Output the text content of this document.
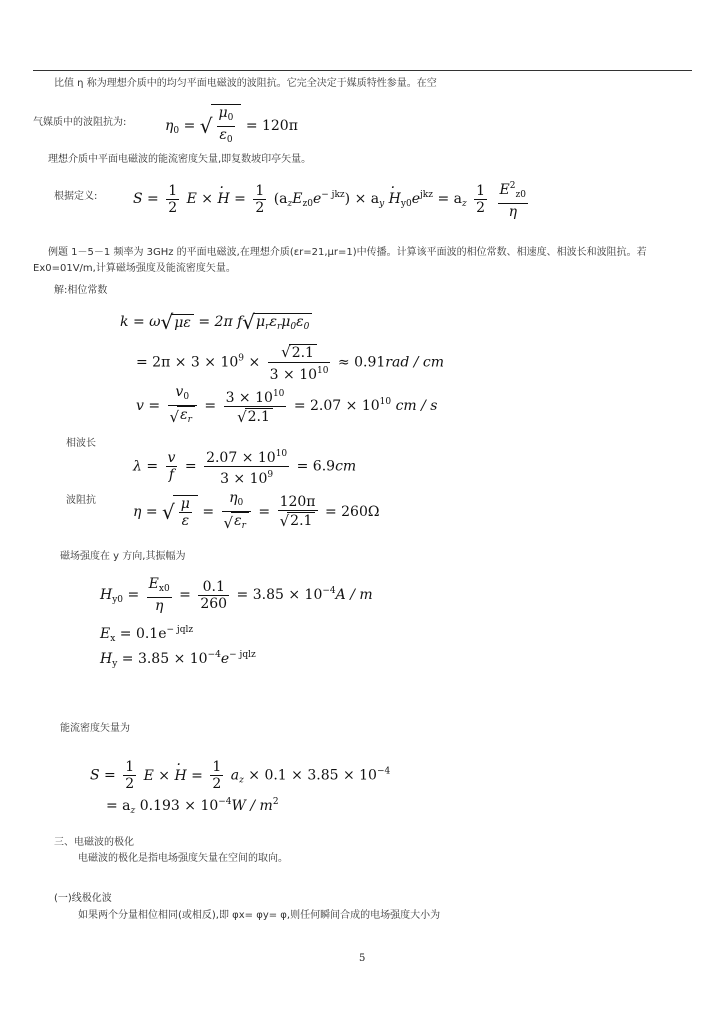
比值 η 称为理想介质中的均匀平面电磁波的波阻抗。它完全决定于媒质特性参量。在空
气媒质中的波阻抗为:	$\eta_0$ = √ $\frac{\mu_0}{\varepsilon_0} = 120\pi$
理想介质中平面电磁波的能流密度矢量,即复数坡印亭矢量。
根据定义:	$S = \frac{1}{2}$ E × · $H = \frac{1}{2} (a_zE_{z0}e^{- jkz}) \times a_y \cdot H_{y0}e^{jkz} = a_z \frac{1}{2}$
$\frac{E^2_{z0}}{\eta}$
例题 1－5－1 频率为 3GHz 的平面电磁波,在理想介质(εr=21,μr=1)中传播。计算该平面波的相位常数、相速度、相波长和波阻抗。若
Ex0=01V/m,计算磁场强度及能流密度矢量。
解:相位常数
k = ω√με = 2π $f√\mu_r\varepsilon_r\mu_0\varepsilon_0$
= $2\pi \times 3 \times 10^9 \times \frac{√2.1}{3 \times 10^{10}} \approx 0.91rad$ / cm
$v = \frac{v_0}{√\varepsilon_r} = \frac{3 \times 10^{10}}{√2.1} = 2.07 \times 10^{10}$ cm / s
相波长
$\lambda = \frac{v}{f} = \frac{2.07 \times 10^{10}}{3 \times 10^9} = 6.9cm$
波阻抗
η = √ $\frac{\mu}{\varepsilon} = \frac{\eta_0}{√\varepsilon_r} = \frac{120\pi}{√2.1} = 260\Omega$
磁场强度在 y 方向,其振幅为
$H_{y0} = \frac{E_{x0}}{\eta} = \frac{0.1}{260} = 3.85 \times 10^{-4}A / m$
$E_x = 0.1e^{- jqlz}$
$H_y = 3.85 \times 10^{-4}e^{- jqlz}$
能流密度矢量为
$S = \frac{1}{2}$ E × · $H = \frac{1}{2} a_z \times 0.1 \times 3.85 \times 10^{-4}$
= $a_z$ $0.193 \times 10^{-4}W / m^2$
三、电磁波的极化
电磁波的极化是指电场强度矢量在空间的取向。
(一)线极化波
如果两个分量相位相同(或相反),即 φx= φy= φ,则任何瞬间合成的电场强度大小为
5
